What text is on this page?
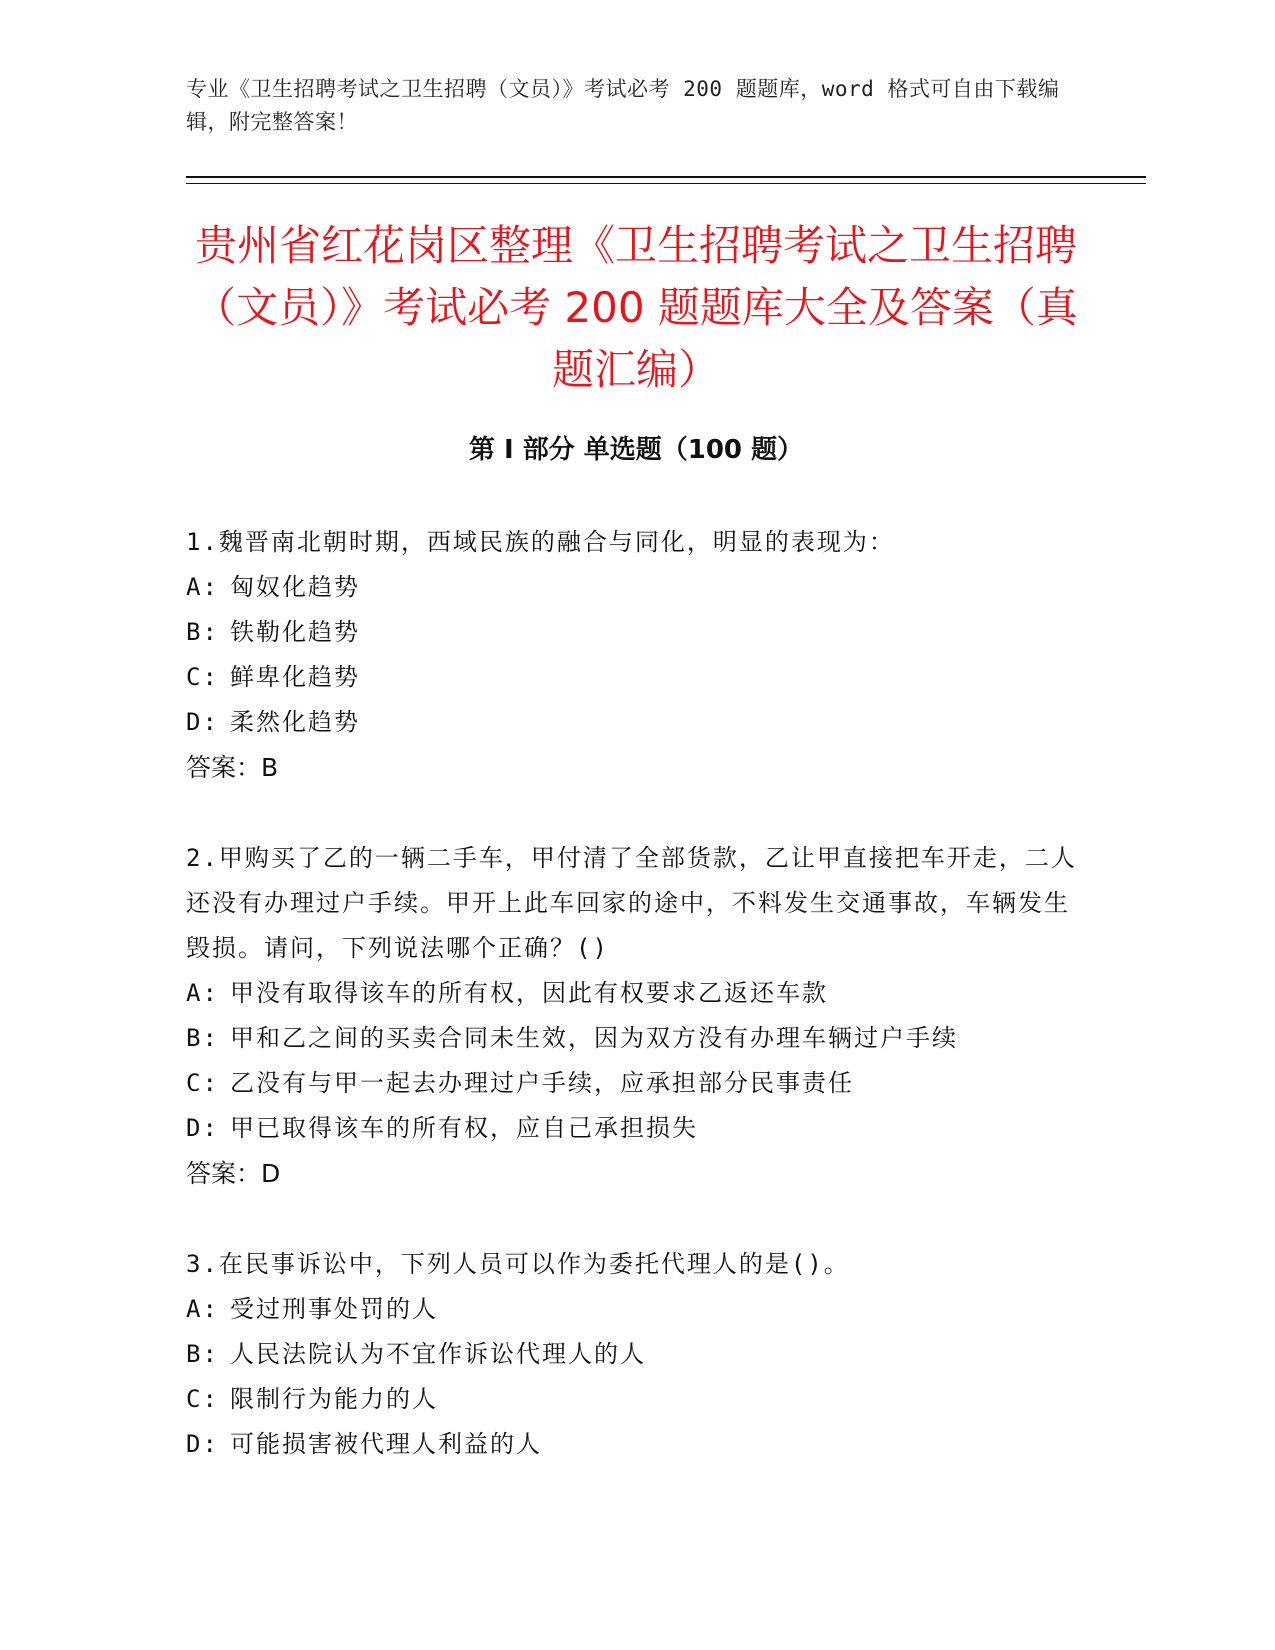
专业《卫生招聘考试之卫生招聘（文员）》考试必考 200 题题库，word 格式可自由下载编辑，附完整答案！
贵州省红花岗区整理《卫生招聘考试之卫生招聘（文员）》考试必考 200 题题库大全及答案（真题汇编）
第 I 部分 单选题（100 题）
1.魏晋南北朝时期，西域民族的融合与同化，明显的表现为：
A: 匈奴化趋势
B: 铁勒化趋势
C: 鲜卑化趋势
D: 柔然化趋势
答案：B
2.甲购买了乙的一辆二手车，甲付清了全部货款，乙让甲直接把车开走，二人还没有办理过户手续。甲开上此车回家的途中，不料发生交通事故，车辆发生毁损。请问，下列说法哪个正确？()
A: 甲没有取得该车的所有权，因此有权要求乙返还车款
B: 甲和乙之间的买卖合同未生效，因为双方没有办理车辆过户手续
C: 乙没有与甲一起去办理过户手续，应承担部分民事责任
D: 甲已取得该车的所有权，应自己承担损失
答案：D
3.在民事诉讼中，下列人员可以作为委托代理人的是()。
A: 受过刑事处罚的人
B: 人民法院认为不宜作诉讼代理人的人
C: 限制行为能力的人
D: 可能损害被代理人利益的人
